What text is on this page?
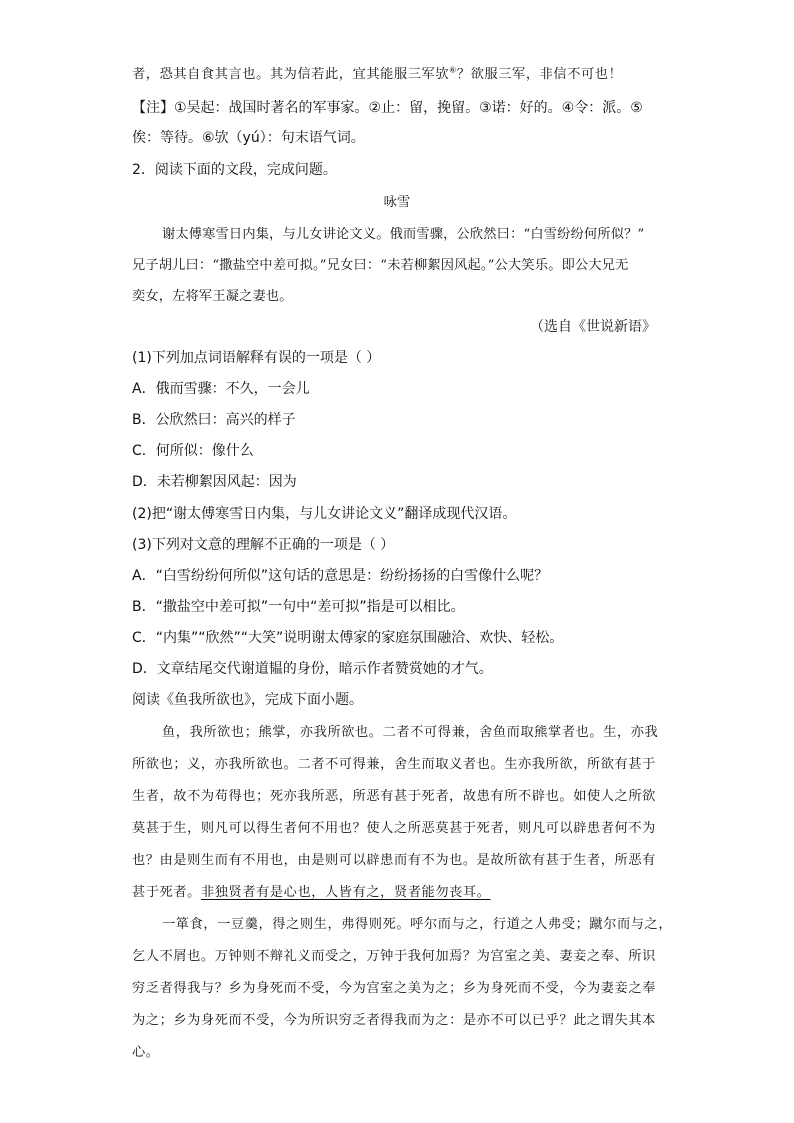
者，恐其自食其言也。其为信若此，宜其能服三军欤⑥？欲服三军，非信不可也！
【注】①吴起：战国时著名的军事家。②止：留，挽留。③诺：好的。④令：派。⑤
俟：等待。⑥欤（yú）：句末语气词。
2．阅读下面的文段，完成问题。
咏雪
谢太傅寒雪日内集，与儿女讲论文义。俄而雪骤，公欣然曰：“白雪纷纷何所似？”
兄子胡儿曰：“撒盐空中差可拟。”兄女曰：“未若柳絮因风起。”公大笑乐。即公大兄无
奕女，左将军王凝之妻也。
（选自《世说新语》
(1)下列加点词语解释有误的一项是（ ）
A．俄而雪骤：不久，一会儿
B．公欣然曰：高兴的样子
C．何所似：像什么
D．未若柳絮因风起：因为
(2)把“谢太傅寒雪日内集，与儿女讲论文义”翻译成现代汉语。
(3)下列对文意的理解不正确的一项是（ ）
A．“白雪纷纷何所似”这句话的意思是：纷纷扬扬的白雪像什么呢？
B．“撒盐空中差可拟”一句中“差可拟”指是可以相比。
C．“内集”“欣然”“大笑”说明谢太傅家的家庭氛围融洽、欢快、轻松。
D．文章结尾交代谢道韫的身份，暗示作者赞赏她的才气。
阅读《鱼我所欲也》，完成下面小题。
鱼，我所欲也；熊掌，亦我所欲也。二者不可得兼，舍鱼而取熊掌者也。生，亦我
所欲也；义，亦我所欲也。二者不可得兼，舍生而取义者也。生亦我所欲，所欲有甚于
生者，故不为苟得也；死亦我所恶，所恶有甚于死者，故患有所不辟也。如使人之所欲
莫甚于生，则凡可以得生者何不用也？使人之所恶莫甚于死者，则凡可以辟患者何不为
也？由是则生而有不用也，由是则可以辟患而有不为也。是故所欲有甚于生者，所恶有
甚于死者。非独贤者有是心也，人皆有之，贤者能勿丧耳。
一箪食，一豆羹，得之则生，弗得则死。呼尔而与之，行道之人弗受；蹴尔而与之，
乞人不屑也。万钟则不辩礼义而受之，万钟于我何加焉？为宫室之美、妻妾之奉、所识
穷乏者得我与？乡为身死而不受，今为宫室之美为之；乡为身死而不受，今为妻妾之奉
为之；乡为身死而不受，今为所识穷乏者得我而为之：是亦不可以已乎？此之谓失其本
心。
